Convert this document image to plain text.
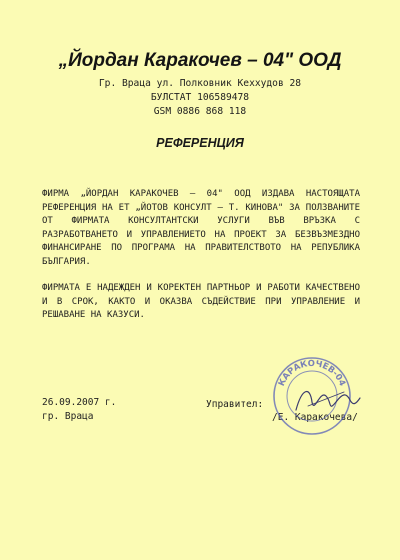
„Йордан Каракочев – 04" ООД
Гр. Враца ул. Полковник Кеххудов 28
БУЛСТАТ 106589478
GSM 0886 868 118
РЕФЕРЕНЦИЯ
ФИРМА „ЙОРДАН КАРАКОЧЕВ – 04" ООД ИЗДАВА НАСТОЯЩАТА РЕФЕРЕНЦИЯ НА ЕТ „ЙОТОВ КОНСУЛТ – Т. КИНОВА" ЗА ПОЛЗВАНИТЕ ОТ ФИРМАТА КОНСУЛТАНТСКИ УСЛУГИ ВЪВ ВРЪЗКА С РАЗРАБОТВАНЕТО И УПРАВЛЕНИЕТО НА ПРОЕКТ ЗА БЕЗВЪЗМЕЗДНО ФИНАНСИРАНЕ ПО ПРОГРАМА НА ПРАВИТЕЛСТВОТО НА РЕПУБЛИКА БЪЛГАРИЯ.
ФИРМАТА Е НАДЕЖДЕН И КОРЕКТЕН ПАРТНЬОР И РАБОТИ КАЧЕСТВЕНО И В СРОК, КАКТО И ОКАЗВА СЪДЕЙСТВИЕ ПРИ УПРАВЛЕНИЕ И РЕШАВАНЕ НА КАЗУСИ.
26.09.2007 г.
гр. Враца
Управител:
/Е. Каракочева/
КАРАКОЧЕВ-04
